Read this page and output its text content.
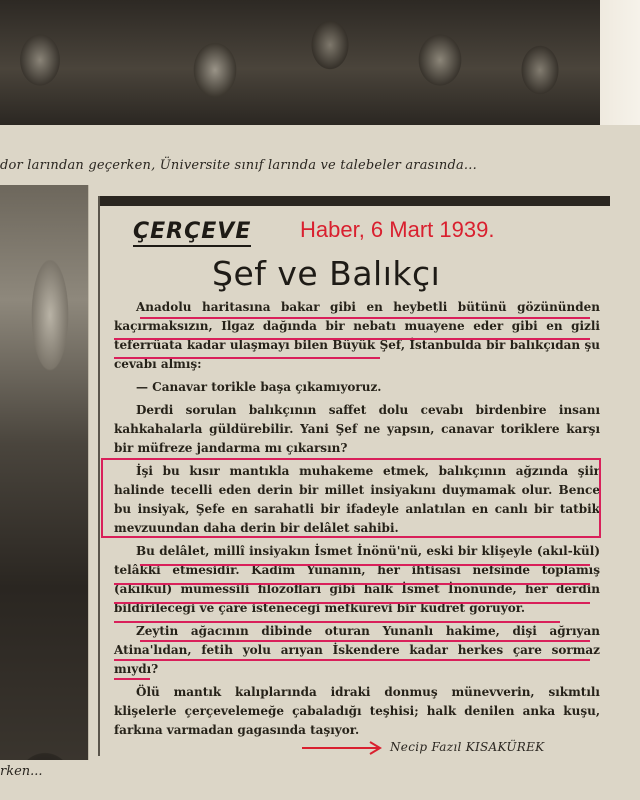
dor larından geçerken, Üniversite sınıf larında ve talebeler arasında...
rken...
ÇERÇEVE Haber, 6 Mart 1939.
Şef ve Balıkçı

Anadolu haritasına bakar gibi en heybetli bütünü gözününden kaçırmaksızın, Ilgaz dağında bir nebatı muayene eder gibi en gizli teferrüata kadar ulaşmayı bilen Büyük Şef, İstanbulda bir balıkçıdan şu cevabı almış:

— Canavar torikle başa çıkamıyoruz.

Derdi sorulan balıkçının saffet dolu cevabı birdenbire insanı kahkahalarla güldürebilir. Yani Şef ne yapsın, canavar toriklere karşı bir müfreze jandarma mı çıkarsın?

İşi bu kısır mantıkla muhakeme etmek, balıkçının ağzında şiir halinde tecelli eden derin bir millet insiyakını duymamak olur. Bence bu insiyak, Şefe en sarahatli bir ifadeyle anlatılan en canlı bir tatbik mevzuundan daha derin bir delâlet sahibi.

Bu delâlet, millî insiyakın İsmet İnönü'nü, eski bir klişeyle (akıl-kül) telâkki etmesidir. Kadim Yunanın, her ihtisası nefsinde toplamış (akılkül) mümessili filozofları gibi halk İsmet İnönünde, her derdin bildirileceği ve çare isteneceği mefkûrevi bir kudret görüyor.

Zeytin ağacının dibinde oturan Yunanlı hakime, dişi ağrıyan Atina'lıdan, fetih yolu arıyan İskendere kadar herkes çare sormaz mıydı?

Ölü mantık kalıplarında idraki donmuş münevverin, sıkmtılı klişelerle çerçevelemeğe çabaladığı teşhisi; halk denilen anka kuşu, farkına varmadan gagasında taşıyor.

Necip Fazıl KISAKÜREK
